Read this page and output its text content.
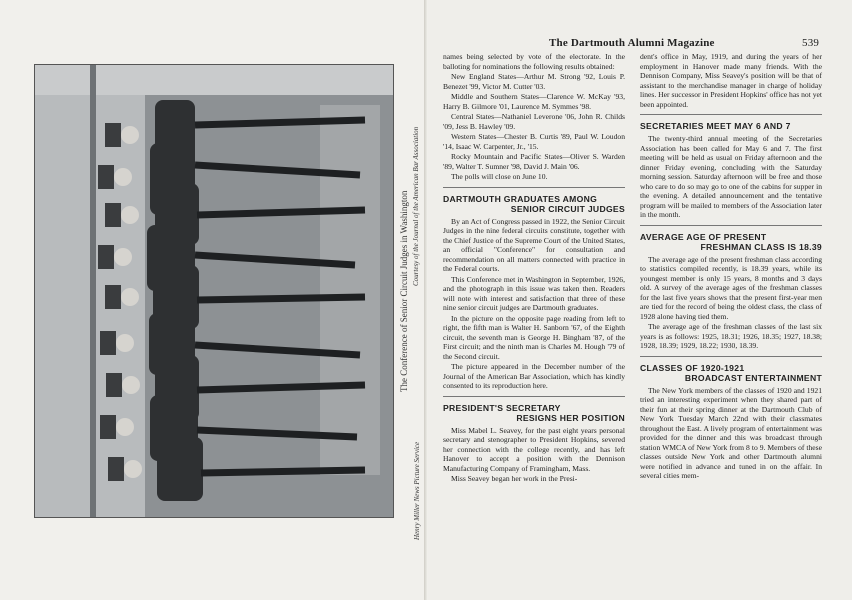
The Conference of Senior Circuit Judges in Washington Courtesy of the Journal of the American Bar Association
Henry Miller News Picture Service
The Dartmouth Alumni Magazine	539

names being selected by vote of the electorate. In the balloting for nominations the following results obtained:

New England States—Arthur M. Strong '92, Louis P. Benezet '99, Victor M. Cutter '03.

Middle and Southern States—Clarence W. McKay '93, Harry B. Gilmore '01, Laurence M. Symmes '98.

Central States—Nathaniel Leverone '06, John R. Childs '09, Jess B. Hawley '09.

Western States—Chester B. Curtis '89, Paul W. Loudon '14, Isaac W. Carpenter, Jr., '15.

Rocky Mountain and Pacific States—Oliver S. Warden '89, Walter T. Sumner '98, David J. Main '06.

The polls will close on June 10.

DARTMOUTH GRADUATES AMONG
SENIOR CIRCUIT JUDGES

By an Act of Congress passed in 1922, the Senior Circuit Judges in the nine federal circuits constitute, together with the Chief Justice of the Supreme Court of the United States, an official "Conference" for consultation and recommendation on all matters connected with practice in the Federal courts.

This Conference met in Washington in September, 1926, and the photograph in this issue was taken then. Readers will note with interest and satisfaction that three of these nine senior circuit judges are Dartmouth graduates.

In the picture on the opposite page reading from left to right, the fifth man is Walter H. Sanborn '67, of the Eighth circuit, the seventh man is George H. Bingham '87, of the First circuit; and the ninth man is Charles M. Hough '79 of the Second circuit.

The picture appeared in the December number of the Journal of the American Bar Association, which has kindly consented to its reproduction here.

PRESIDENT'S SECRETARY
RESIGNS HER POSITION

Miss Mabel L. Seavey, for the past eight years personal secretary and stenographer to President Hopkins, severed her connection with the college recently, and has left Hanover to accept a position with the Dennison Manufacturing Company of Framingham, Mass.

Miss Seavey began her work in the Presi-

dent's office in May, 1919, and during the years of her employment in Hanover made many friends. With the Dennison Company, Miss Seavey's position will be that of assistant to the merchandise manager in charge of holiday lines. Her successor in President Hopkins' office has not yet been appointed.

SECRETARIES MEET MAY 6 AND 7

The twenty-third annual meeting of the Secretaries Association has been called for May 6 and 7. The first meeting will be held as usual on Friday afternoon and the dinner Friday evening, concluding with the Saturday morning session. Saturday afternoon will be free and those who care to do so may go to one of the cabins for supper in the evening. A detailed announcement and the tentative program will be mailed to members of the Association later in the month.

AVERAGE AGE OF PRESENT
FRESHMAN CLASS IS 18.39

The average age of the present freshman class according to statistics compiled recently, is 18.39 years, while its youngest member is only 15 years, 8 months and 3 days old. A survey of the average ages of the freshman classes for the last five years shows that the present first-year men are tied for the record of being the oldest class, the class of 1928 alone having tied them.

The average age of the freshman classes of the last six years is as follows: 1925, 18.31; 1926, 18.35; 1927, 18.38; 1928, 18.39; 1929, 18.22; 1930, 18.39.

CLASSES OF 1920-1921
BROADCAST ENTERTAINMENT

The New York members of the classes of 1920 and 1921 tried an interesting experiment when they shared part of their fun at their spring dinner at the Dartmouth Club of New York Tuesday March 22nd with their classmates throughout the East. A lively program of entertainment was provided for the dinner and this was broadcast through station WMCA of New York from 8 to 9. Members of these classes outside New York and other Dartmouth alumni were notified in advance and tuned in on the affair. In several cities mem-
